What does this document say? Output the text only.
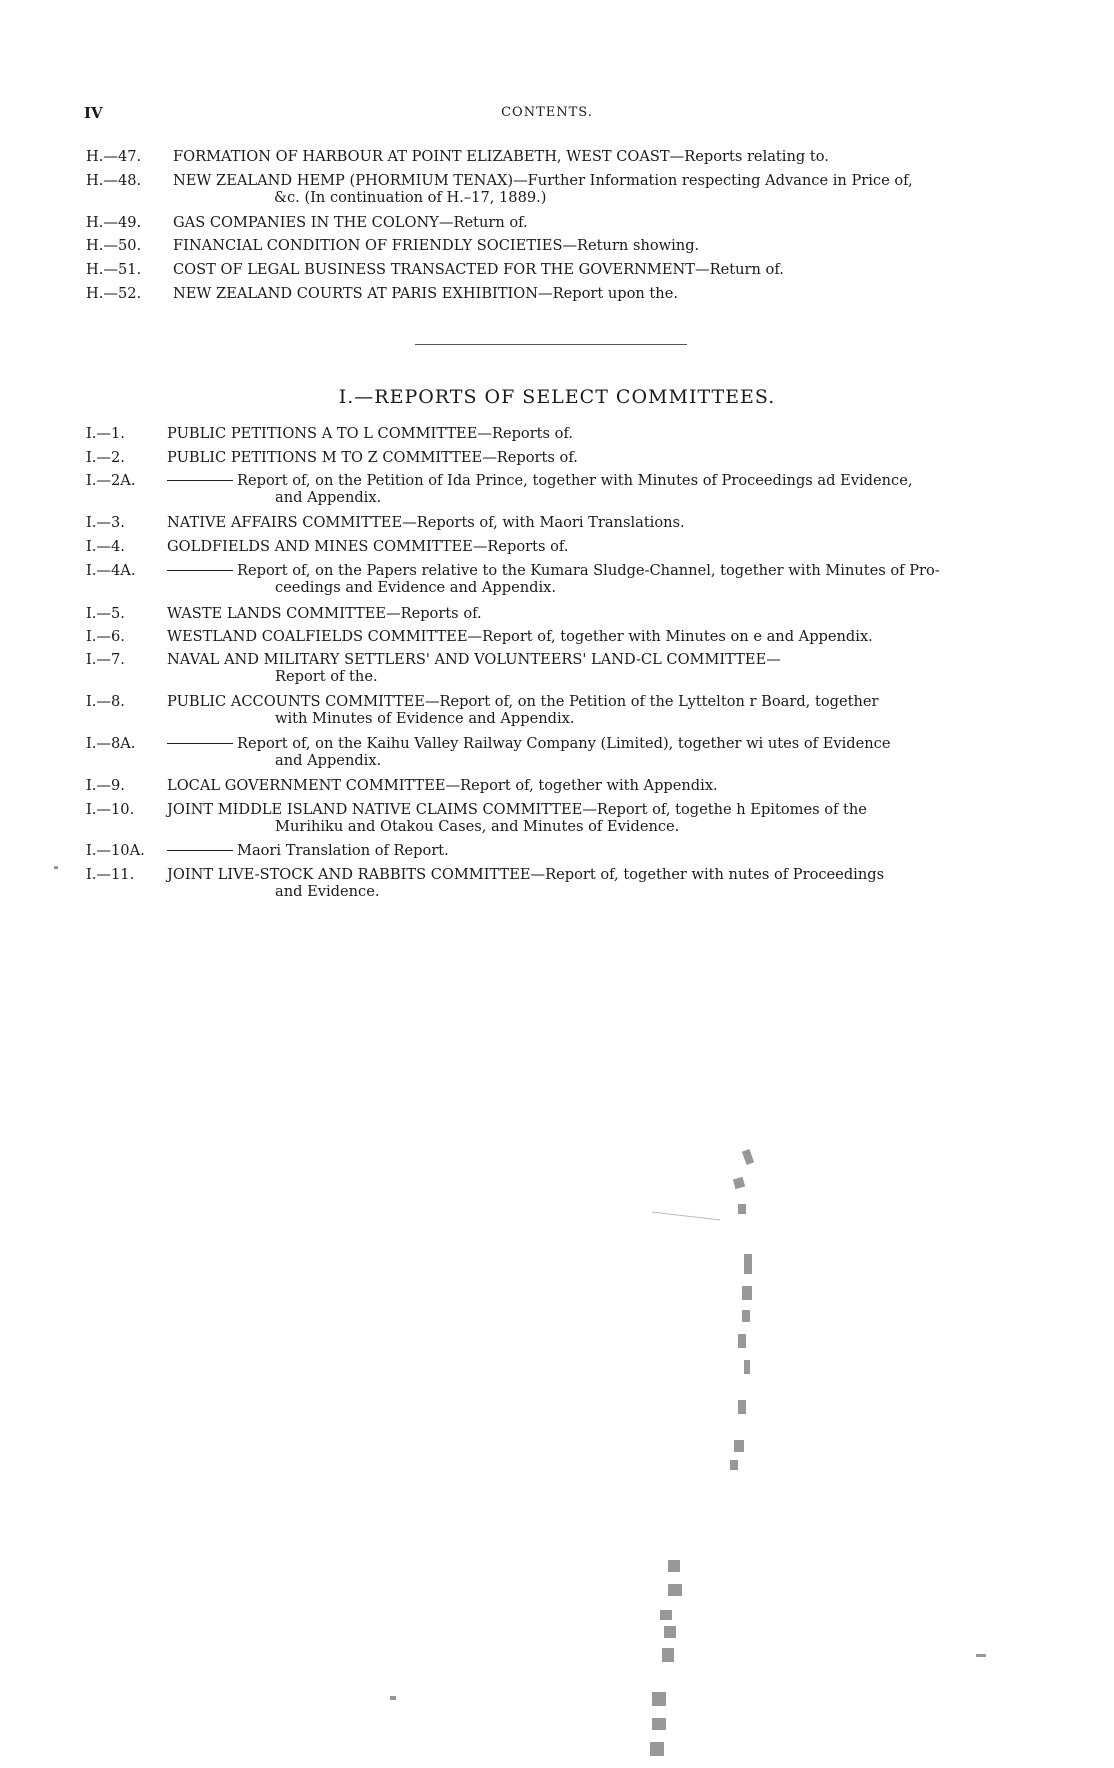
IV	CONTENTS.
H.—47. FORMATION OF HARBOUR AT POINT ELIZABETH, WEST COAST—Reports relating to.
H.—48. NEW ZEALAND HEMP (PHORMIUM TENAX)—Further Information respecting Advance in Price of,
&c. (In continuation of H.–17, 1889.)
H.—49. GAS COMPANIES IN THE COLONY—Return of.
H.—50. FINANCIAL CONDITION OF FRIENDLY SOCIETIES—Return showing.
H.—51. COST OF LEGAL BUSINESS TRANSACTED FOR THE GOVERNMENT—Return of.
H.—52. NEW ZEALAND COURTS AT PARIS EXHIBITION—Report upon the.
I.—REPORTS OF SELECT COMMITTEES.
I.—1.	PUBLIC PETITIONS A TO L COMMITTEE—Reports of.
I.—2.	PUBLIC PETITIONS M TO Z COMMITTEE—Reports of.
I.—2A.	Report of, on the Petition of Ida Prince, together with Minutes of Proceedings ad Evidence,
and Appendix.
I.—3.	NATIVE AFFAIRS COMMITTEE—Reports of, with Maori Translations.
I.—4.	GOLDFIELDS AND MINES COMMITTEE—Reports of.
I.—4A.	Report of, on the Papers relative to the Kumara Sludge-Channel, together with Minutes of Pro-
ceedings and Evidence and Appendix.
I.—5.	WASTE LANDS COMMITTEE—Reports of.
I.—6.	WESTLAND COALFIELDS COMMITTEE—Report of, together with Minutes on e and Appendix.
I.—7.	NAVAL AND MILITARY SETTLERS' AND VOLUNTEERS' LAND-CL COMMITTEE—
Report of the.
I.—8.	PUBLIC ACCOUNTS COMMITTEE—Report of, on the Petition of the Lyttelton r Board, together
with Minutes of Evidence and Appendix.
I.—8A.	Report of, on the Kaihu Valley Railway Company (Limited), together wi utes of Evidence
and Appendix.
I.—9.	LOCAL GOVERNMENT COMMITTEE—Report of, together with Appendix.
I.—10. JOINT MIDDLE ISLAND NATIVE CLAIMS COMMITTEE—Report of, togethe h Epitomes of the
Murihiku and Otakou Cases, and Minutes of Evidence.
I.—10A.	Maori Translation of Report.
I.—11. JOINT LIVE-STOCK AND RABBITS COMMITTEE—Report of, together with nutes of Proceedings
and Evidence.
